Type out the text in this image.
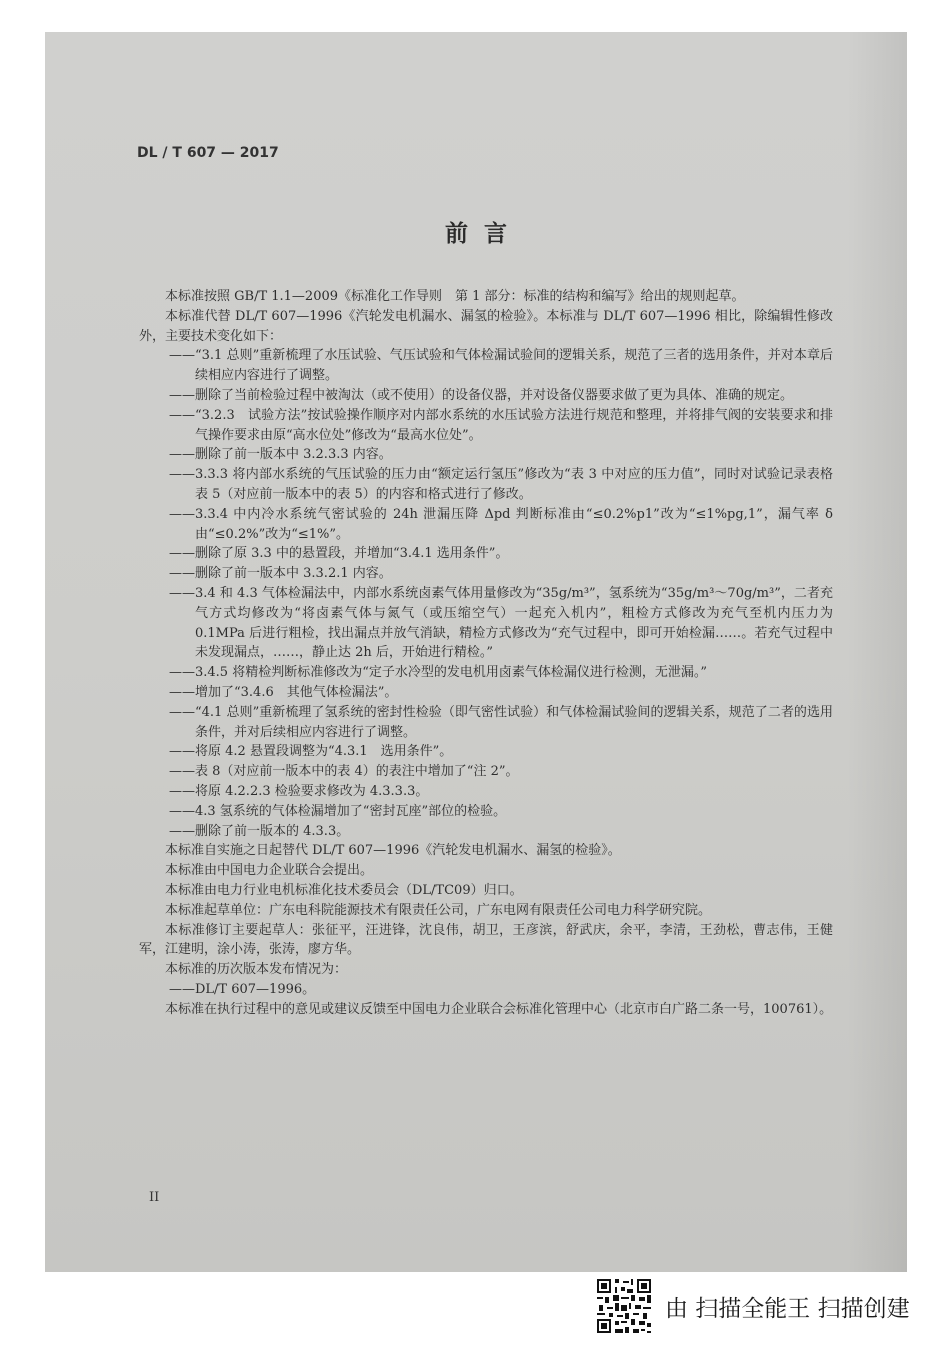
DL / T 607 — 2017
前  言

本标准按照 GB/T 1.1—2009《标准化工作导则　第 1 部分：标准的结构和编写》给出的规则起草。

本标准代替 DL/T 607—1996《汽轮发电机漏水、漏氢的检验》。本标准与 DL/T 607—1996 相比，除编辑性修改外，主要技术变化如下：

——“3.1 总则”重新梳理了水压试验、气压试验和气体检漏试验间的逻辑关系，规范了三者的选用条件，并对本章后续相应内容进行了调整。

——删除了当前检验过程中被淘汰（或不使用）的设备仪器，并对设备仪器要求做了更为具体、准确的规定。

——“3.2.3　试验方法”按试验操作顺序对内部水系统的水压试验方法进行规范和整理，并将排气阀的安装要求和排气操作要求由原“高水位处”修改为“最高水位处”。

——删除了前一版本中 3.2.3.3 内容。

——3.3.3 将内部水系统的气压试验的压力由“额定运行氢压”修改为“表 3 中对应的压力值”，同时对试验记录表格表 5（对应前一版本中的表 5）的内容和格式进行了修改。

——3.3.4 中内冷水系统气密试验的 24h 泄漏压降 Δpd 判断标准由“≤0.2%p1”改为“≤1%pg,1”，漏气率 δ 由“≤0.2%”改为“≤1%”。

——删除了原 3.3 中的悬置段，并增加“3.4.1 选用条件”。

——删除了前一版本中 3.3.2.1 内容。

——3.4 和 4.3 气体检漏法中，内部水系统卤素气体用量修改为“35g/m³”，氢系统为“35g/m³～70g/m³”，二者充气方式均修改为“将卤素气体与氮气（或压缩空气）一起充入机内”，粗检方式修改为充气至机内压力为 0.1MPa 后进行粗检，找出漏点并放气消缺，精检方式修改为“充气过程中，即可开始检漏……。若充气过程中未发现漏点，……，静止达 2h 后，开始进行精检。”

——3.4.5 将精检判断标准修改为“定子水冷型的发电机用卤素气体检漏仪进行检测，无泄漏。”

——增加了“3.4.6　其他气体检漏法”。

——“4.1 总则”重新梳理了氢系统的密封性检验（即气密性试验）和气体检漏试验间的逻辑关系，规范了二者的选用条件，并对后续相应内容进行了调整。

——将原 4.2 悬置段调整为“4.3.1　选用条件”。

——表 8（对应前一版本中的表 4）的表注中增加了“注 2”。

——将原 4.2.2.3 检验要求修改为 4.3.3.3。

——4.3 氢系统的气体检漏增加了“密封瓦座”部位的检验。

——删除了前一版本的 4.3.3。

本标准自实施之日起替代 DL/T 607—1996《汽轮发电机漏水、漏氢的检验》。

本标准由中国电力企业联合会提出。

本标准由电力行业电机标准化技术委员会（DL/TC09）归口。

本标准起草单位：广东电科院能源技术有限责任公司，广东电网有限责任公司电力科学研究院。

本标准修订主要起草人：张征平，汪进锋，沈良伟，胡卫，王彦滨，舒武庆，余平，李清，王劲松，曹志伟，王健军，江建明，涂小涛，张涛，廖方华。

本标准的历次版本发布情况为：

——DL/T 607—1996。

本标准在执行过程中的意见或建议反馈至中国电力企业联合会标准化管理中心（北京市白广路二条一号，100761）。

II
由 扫描全能王 扫描创建
